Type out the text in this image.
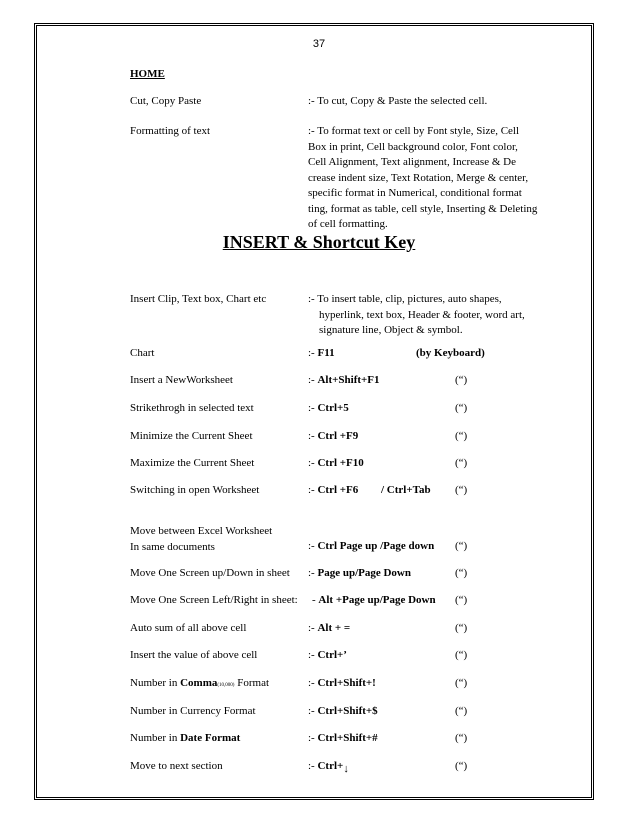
37
HOME
Cut, Copy Paste	:- To cut, Copy & Paste the selected cell.
Formatting of text	:- To format text or cell by Font style, Size, Cell
Box in print, Cell background color, Font color,
Cell Alignment, Text alignment, Increase & De
crease indent size, Text Rotation, Merge & center,
specific format in Numerical, conditional format
ting, format as table, cell style, Inserting & Deleting
of cell formatting.
INSERT & Shortcut Key
Insert Clip, Text box, Chart etc	:- To insert table, clip, pictures, auto shapes,
hyperlink, text box, Header & footer, word art,
signature line, Object & symbol.
Chart	:- F11	(by Keyboard)
Insert a NewWorksheet	:- Alt+Shift+F1	(“)
Strikethrogh in selected text	:- Ctrl+5	(“)
Minimize the Current Sheet	:- Ctrl +F9	(“)
Maximize the Current Sheet	:- Ctrl +F10	(“)
Switching in open Worksheet	:- Ctrl +F6 / Ctrl+Tab (“)
Move between Excel Worksheet
In same documents	:- Ctrl Page up /Page down (“)
Move One Screen up/Down in sheet :- Page up/Page Down	(“)
Move One Screen Left/Right in sheet: - Alt +Page up/Page Down (“)
Auto sum of all above cell	:- Alt + =	(“)
Insert the value of above cell	:- Ctrl+’	(“)
Number in Comma(10,000) Format	:- Ctrl+Shift+!	(“)
Number in Currency Format	:- Ctrl+Shift+$	(“)
Number in Date Format	:- Ctrl+Shift+#	(“)
Move to next section	:- Ctrl+↓	(“)
